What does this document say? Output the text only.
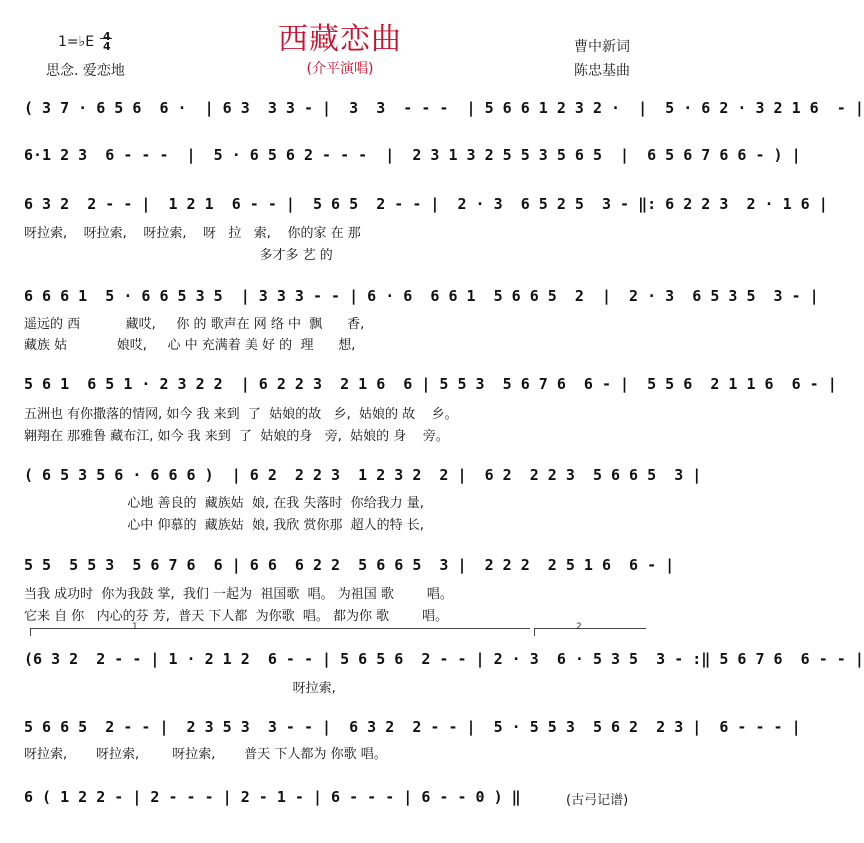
1=♭E 4
4
思念. 爱恋地
西藏恋曲
(介平演唱)
曹中新词
陈忠基曲
( 3 7 · 6 5 6  6 ·  | 6 3  3 3 - |  3  3  - - -  | 5 6 6 1 2 3 2 ·  |  5 · 6 2 · 3 2 1 6  - |
6·1 2 3  6 - - -  |  5 · 6 5 6 2 - - -  |  2 3 1 3 2 5 5 3 5 6 5  |  6 5 6 7 6 6 - ) |
6 3 2  2 - - |  1 2 1  6 - - |  5 6 5  2 - - |  2 · 3  6 5 2 5  3 - ‖: 6 2 2 3  2 · 1 6 |
呀拉索,    呀拉索,    呀拉索,    呀   拉   索,    你的家 在 那
多才多 艺 的
6 6 6 1  5 · 6 6 5 3 5  | 3 3 3 - - | 6 · 6  6 6 1  5 6 6 5  2  |  2 · 3  6 5 3 5  3 - |
遥远的 西           藏哎,     你 的 歌声在 网 络 中  飘      香,
藏族 姑            娘哎,     心 中 充满着 美 好 的  理      想,
5 6 1  6 5 1 · 2 3 2 2  | 6 2 2 3  2 1 6  6 | 5 5 3  5 6 7 6  6 - |  5 5 6  2 1 1 6  6 - |
五洲也 有你撒落的情网, 如今 我 来到  了  姑娘的故   乡,  姑娘的 故    乡。
翱翔在 那雅鲁 藏布江, 如今 我 来到  了  姑娘的身   旁,  姑娘的 身    旁。
( 6 5 3 5 6 · 6 6 6 )  | 6 2  2 2 3  1 2 3 2  2 |  6 2  2 2 3  5 6 6 5  3 |
心地 善良的  藏族姑  娘, 在我 失落时  你给我力 量,
心中 仰慕的  藏族姑  娘, 我欣 赏你那  超人的特 长,
5 5  5 5 3  5 6 7 6  6 | 6 6  6 2 2  5 6 6 5  3 |  2 2 2  2 5 1 6  6 - |
当我 成功时  你为我鼓 掌,  我们 一起为  祖国歌  唱。 为祖国 歌        唱。
它来 自 你   内心的芬 芳,  普天 下人都  为你歌  唱。 都为你 歌        唱。
1	2
(6 3 2  2 - - | 1 · 2 1 2  6 - - | 5 6 5 6  2 - - | 2 · 3  6 · 5 3 5  3 - :‖ 5 6 7 6  6 - - |
呀拉索,
5 6 6 5  2 - - |  2 3 5 3  3 - - |  6 3 2  2 - - |  5 · 5 5 3  5 6 2  2 3 |  6 - - - |
呀拉索,       呀拉索,        呀拉索,       普天 下人都为 你歌 唱。
6 ( 1 2 2 - | 2 - - - | 2 - 1 - | 6 - - - | 6 - - 0 ) ‖	(古弓记谱)
